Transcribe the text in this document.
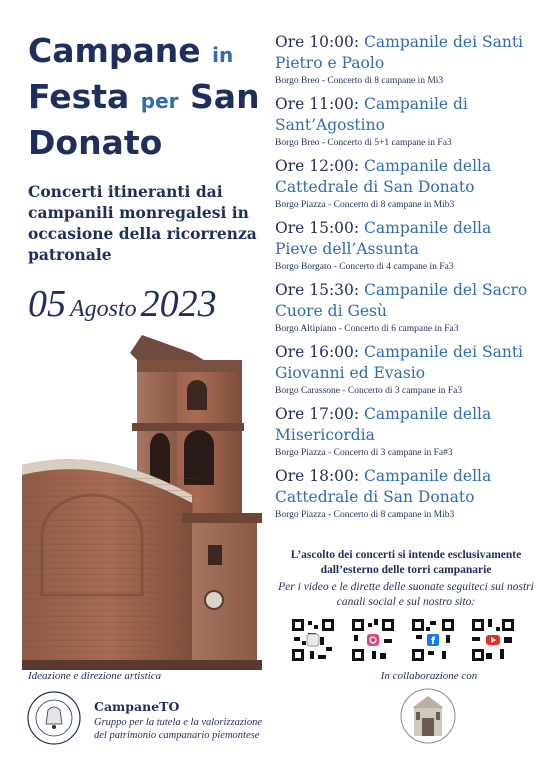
Campane in
Festa per San
Donato
Concerti itineranti dai campanili monregalesi in occasione della ricorrenza patronale
05 Agosto 2023
Ore 10:00: Campanile dei Santi Pietro e Paolo
Borgo Breo - Concerto di 8 campane in Mi3
Ore 11:00: Campanile di Sant’Agostino
Borgo Breo - Concerto di 5+1 campane in Fa3
Ore 12:00: Campanile della Cattedrale di San Donato
Borgo Piazza - Concerto di 8 campane in Mib3
Ore 15:00: Campanile della Pieve dell’Assunta
Borgo Borgato - Concerto di 4 campane in Fa3
Ore 15:30: Campanile del Sacro Cuore di Gesù
Borgo Altipiano - Concerto di 6 campane in Fa3
Ore 16:00: Campanile dei Santi Giovanni ed Evasio
Borgo Carassone - Concerto di 3 campane in Fa3
Ore 17:00: Campanile della Misericordia
Borgo Piazza - Concerto di 3 campane in Fa#3
Ore 18:00: Campanile della Cattedrale di San Donato
Borgo Piazza - Concerto di 8 campane in Mib3
L’ascolto dei concerti si intende esclusivamente dall’esterno delle torri campanarie
Per i video e le dirette delle suonate seguiteci sui nostri canali social e sul nostro sito:
f
Ideazione e direzione artistica
CampaneTO
Gruppo per la tutela e la valorizzazione del patrimonio campanario piemontese
In collaborazione con
